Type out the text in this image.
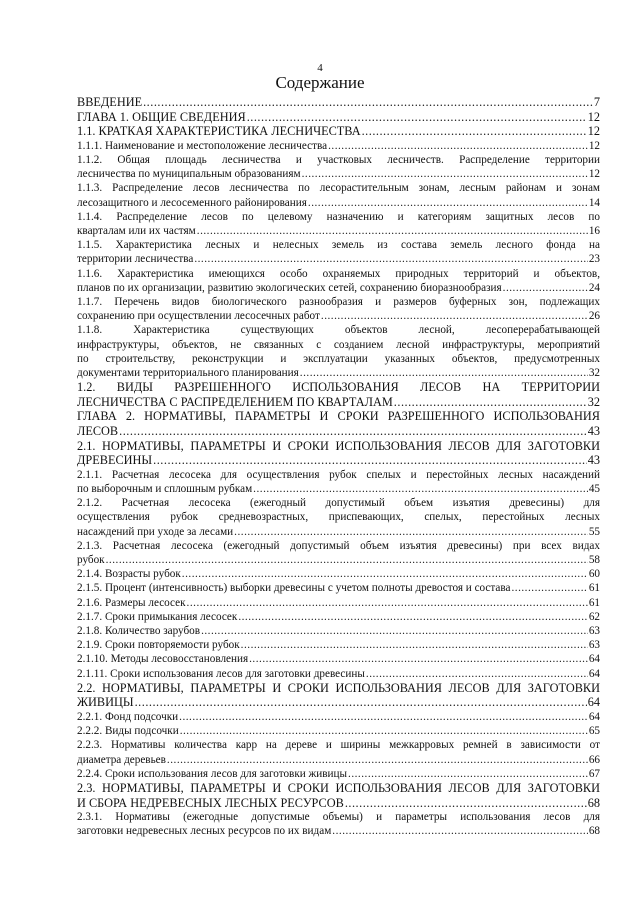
4
Содержание
ВВЕДЕНИЕ .....	7
ГЛАВА 1. ОБЩИЕ СВЕДЕНИЯ .....	12
1.1. КРАТКАЯ ХАРАКТЕРИСТИКА ЛЕСНИЧЕСТВА .....	12
1.1.1. Наименование и местоположение лесничества .....	12
1.1.2. Общая площадь лесничества и участковых лесничеств. Распределение территории
лесничества по муниципальным образованиям .....	12
1.1.3. Распределение лесов лесничества по лесорастительным зонам, лесным районам и зонам
лесозащитного и лесосеменного районирования .....	14
1.1.4. Распределение лесов по целевому назначению и категориям защитных лесов по
кварталам или их частям .....	16
1.1.5. Характеристика лесных и нелесных земель из состава земель лесного фонда на
территории лесничества .....	23
1.1.6. Характеристика имеющихся особо охраняемых природных территорий и объектов,
планов по их организации, развитию экологических сетей, сохранению биоразнообразия .....	24
1.1.7. Перечень видов биологического разнообразия и размеров буферных зон, подлежащих
сохранению при осуществлении лесосечных работ .....	26
1.1.8. Характеристика существующих объектов лесной, лесоперерабатывающей
инфраструктуры, объектов, не связанных с созданием лесной инфраструктуры, мероприятий
по строительству, реконструкции и эксплуатации указанных объектов, предусмотренных
документами территориального планирования .....	32
1.2. ВИДЫ РАЗРЕШЕННОГО ИСПОЛЬЗОВАНИЯ ЛЕСОВ НА ТЕРРИТОРИИ
ЛЕСНИЧЕСТВА С РАСПРЕДЕЛЕНИЕМ ПО КВАРТАЛАМ .....	32
ГЛАВА 2. НОРМАТИВЫ, ПАРАМЕТРЫ И СРОКИ РАЗРЕШЕННОГО ИСПОЛЬЗОВАНИЯ
ЛЕСОВ .....	43
2.1. НОРМАТИВЫ, ПАРАМЕТРЫ И СРОКИ ИСПОЛЬЗОВАНИЯ ЛЕСОВ ДЛЯ ЗАГОТОВКИ
ДРЕВЕСИНЫ .....	43
2.1.1. Расчетная лесосека для осуществления рубок спелых и перестойных лесных насаждений
по выборочным и сплошным рубкам .....	45
2.1.2. Расчетная лесосека (ежегодный допустимый объем изъятия древесины) для
осуществления рубок средневозрастных, приспевающих, спелых, перестойных лесных
насаждений при уходе за лесами .....	55
2.1.3. Расчетная лесосека (ежегодный допустимый объем изъятия древесины) при всех видах
рубок .....	58
2.1.4. Возрасты рубок .....	60
2.1.5. Процент (интенсивность) выборки древесины с учетом полноты древостоя и состава .....	61
2.1.6. Размеры лесосек .....	61
2.1.7. Сроки примыкания лесосек .....	62
2.1.8. Количество зарубов .....	63
2.1.9. Сроки повторяемости рубок .....	63
2.1.10. Методы лесовосстановления .....	64
2.1.11. Сроки использования лесов для заготовки древесины .....	64
2.2. НОРМАТИВЫ, ПАРАМЕТРЫ И СРОКИ ИСПОЛЬЗОВАНИЯ ЛЕСОВ ДЛЯ ЗАГОТОВКИ
ЖИВИЦЫ .....	64
2.2.1. Фонд подсочки .....	64
2.2.2. Виды подсочки .....	65
2.2.3. Нормативы количества карр на дереве и ширины межкарровых ремней в зависимости от
диаметра деревьев .....	66
2.2.4. Сроки использования лесов для заготовки живицы .....	67
2.3. НОРМАТИВЫ, ПАРАМЕТРЫ И СРОКИ ИСПОЛЬЗОВАНИЯ ЛЕСОВ ДЛЯ ЗАГОТОВКИ
И СБОРА НЕДРЕВЕСНЫХ ЛЕСНЫХ РЕСУРСОВ .....	68
2.3.1. Нормативы (ежегодные допустимые объемы) и параметры использования лесов для
заготовки недревесных лесных ресурсов по их видам .....	68
